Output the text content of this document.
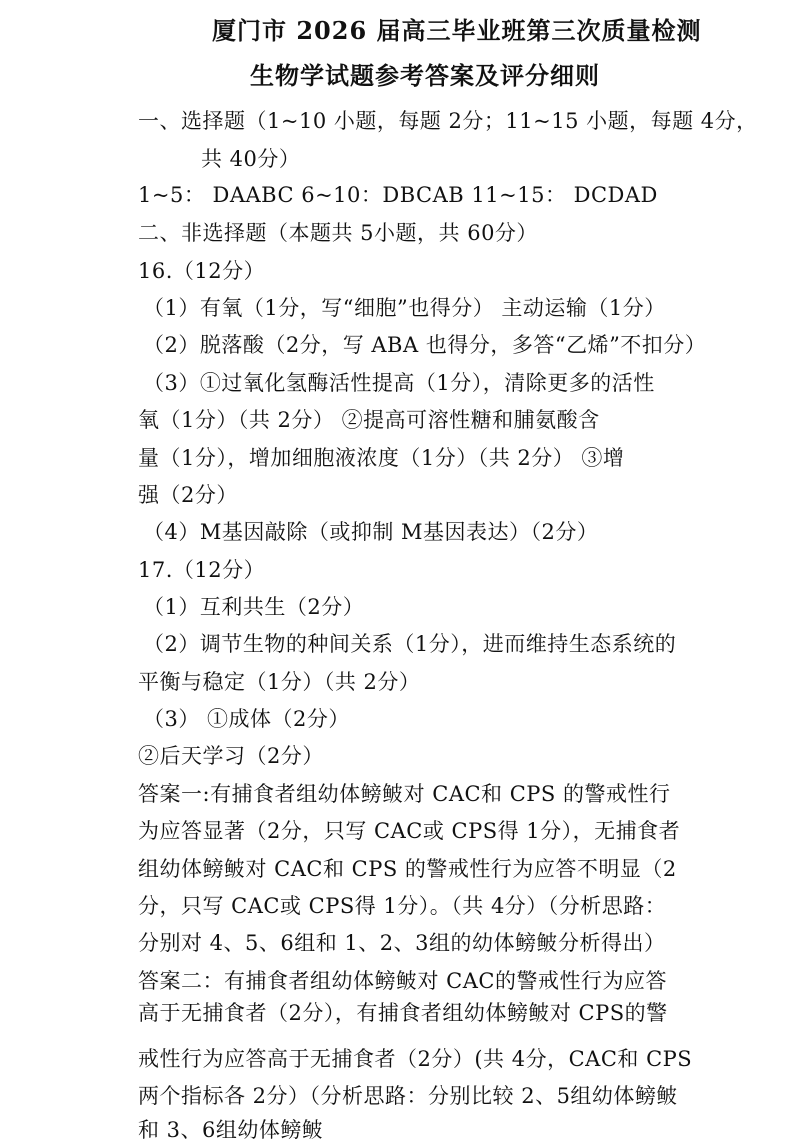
厦门市 2026 届高三毕业班第三次质量检测
生物学试题参考答案及评分细则
一、选择题（1~10 小题，每题 2分；11~15 小题，每题 4分，
共 40分）
1~5： DAABC 6~10：DBCAB 11~15： DCDAD
二、非选择题（本题共 5小题，共 60分）
16.（12分）
（1）有氧（1分，写“细胞”也得分） 主动运输（1分）
（2）脱落酸（2分，写 ABA 也得分，多答“乙烯”不扣分）
（3）①过氧化氢酶活性提高（1分），清除更多的活性
氧（1分）（共 2分） ②提高可溶性糖和脯氨酸含
量（1分），增加细胞液浓度（1分）（共 2分） ③增
强（2分）
（4）M基因敲除（或抑制 M基因表达）（2分）
17.（12分）
（1）互利共生（2分）
（2）调节生物的种间关系（1分），进而维持生态系统的
平衡与稳定（1分）（共 2分）
（3） ①成体（2分）
②后天学习（2分）
答案一:有捕食者组幼体鳑鲏对 CAC和 CPS 的警戒性行
为应答显著（2分，只写 CAC或 CPS得 1分），无捕食者
组幼体鳑鲏对 CAC和 CPS 的警戒性行为应答不明显（2
分，只写 CAC或 CPS得 1分）。（共 4分）（分析思路：
分别对 4、5、6组和 1、2、3组的幼体鳑鲏分析得出）
答案二：有捕食者组幼体鳑鲏对 CAC的警戒性行为应答
高于无捕食者（2分），有捕食者组幼体鳑鲏对 CPS的警
戒性行为应答高于无捕食者（2分）(共 4分，CAC和 CPS
两个指标各 2分）（分析思路：分别比较 2、5组幼体鳑鲏
和 3、6组幼体鳑鲏
